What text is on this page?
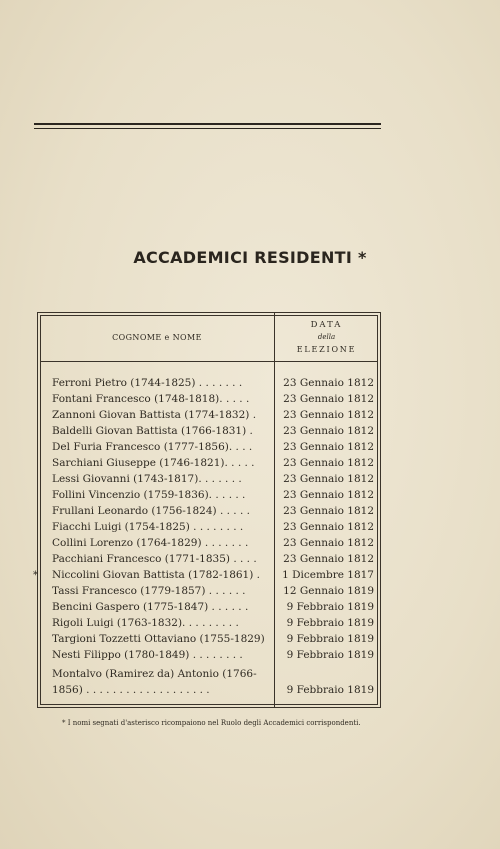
ACCADEMICI RESIDENTI *
COGNOME e NOME
DATA
della
ELEZIONE
Ferroni Pietro (1744-1825) . . . . . . .	23 Gennaio 1812
Fontani Francesco (1748-1818). . . . .	23 Gennaio 1812
Zannoni Giovan Battista (1774-1832) .	23 Gennaio 1812
Baldelli Giovan Battista (1766-1831) .	23 Gennaio 1812
Del Furia Francesco (1777-1856). . . .	23 Gennaio 1812
Sarchiani Giuseppe (1746-1821). . . . .	23 Gennaio 1812
Lessi Giovanni (1743-1817). . . . . . .	23 Gennaio 1812
Follini Vincenzio (1759-1836). . . . . .	23 Gennaio 1812
Frullani Leonardo (1756-1824) . . . . .	23 Gennaio 1812
Fiacchi Luigi (1754-1825) . . . . . . . .	23 Gennaio 1812
Collini Lorenzo (1764-1829) . . . . . . .	23 Gennaio 1812
Pacchiani Francesco (1771-1835) . . . .	23 Gennaio 1812
* Niccolini Giovan Battista (1782-1861) .	1 Dicembre 1817
Tassi Francesco (1779-1857) . . . . . .	12 Gennaio 1819
Bencini Gaspero (1775-1847) . . . . . .	9 Febbraio 1819
Rigoli Luigi (1763-1832). . . . . . . . .	9 Febbraio 1819
Targioni Tozzetti Ottaviano (1755-1829)	9 Febbraio 1819
Nesti Filippo (1780-1849) . . . . . . . .	9 Febbraio 1819
Montalvo (Ramirez da) Antonio (1766-
1856) . . . . . . . . . . . . . . . . . . .	9 Febbraio 1819
* I nomi segnati d'asterisco ricompaiono nel Ruolo degli Accademici corrispondenti.
